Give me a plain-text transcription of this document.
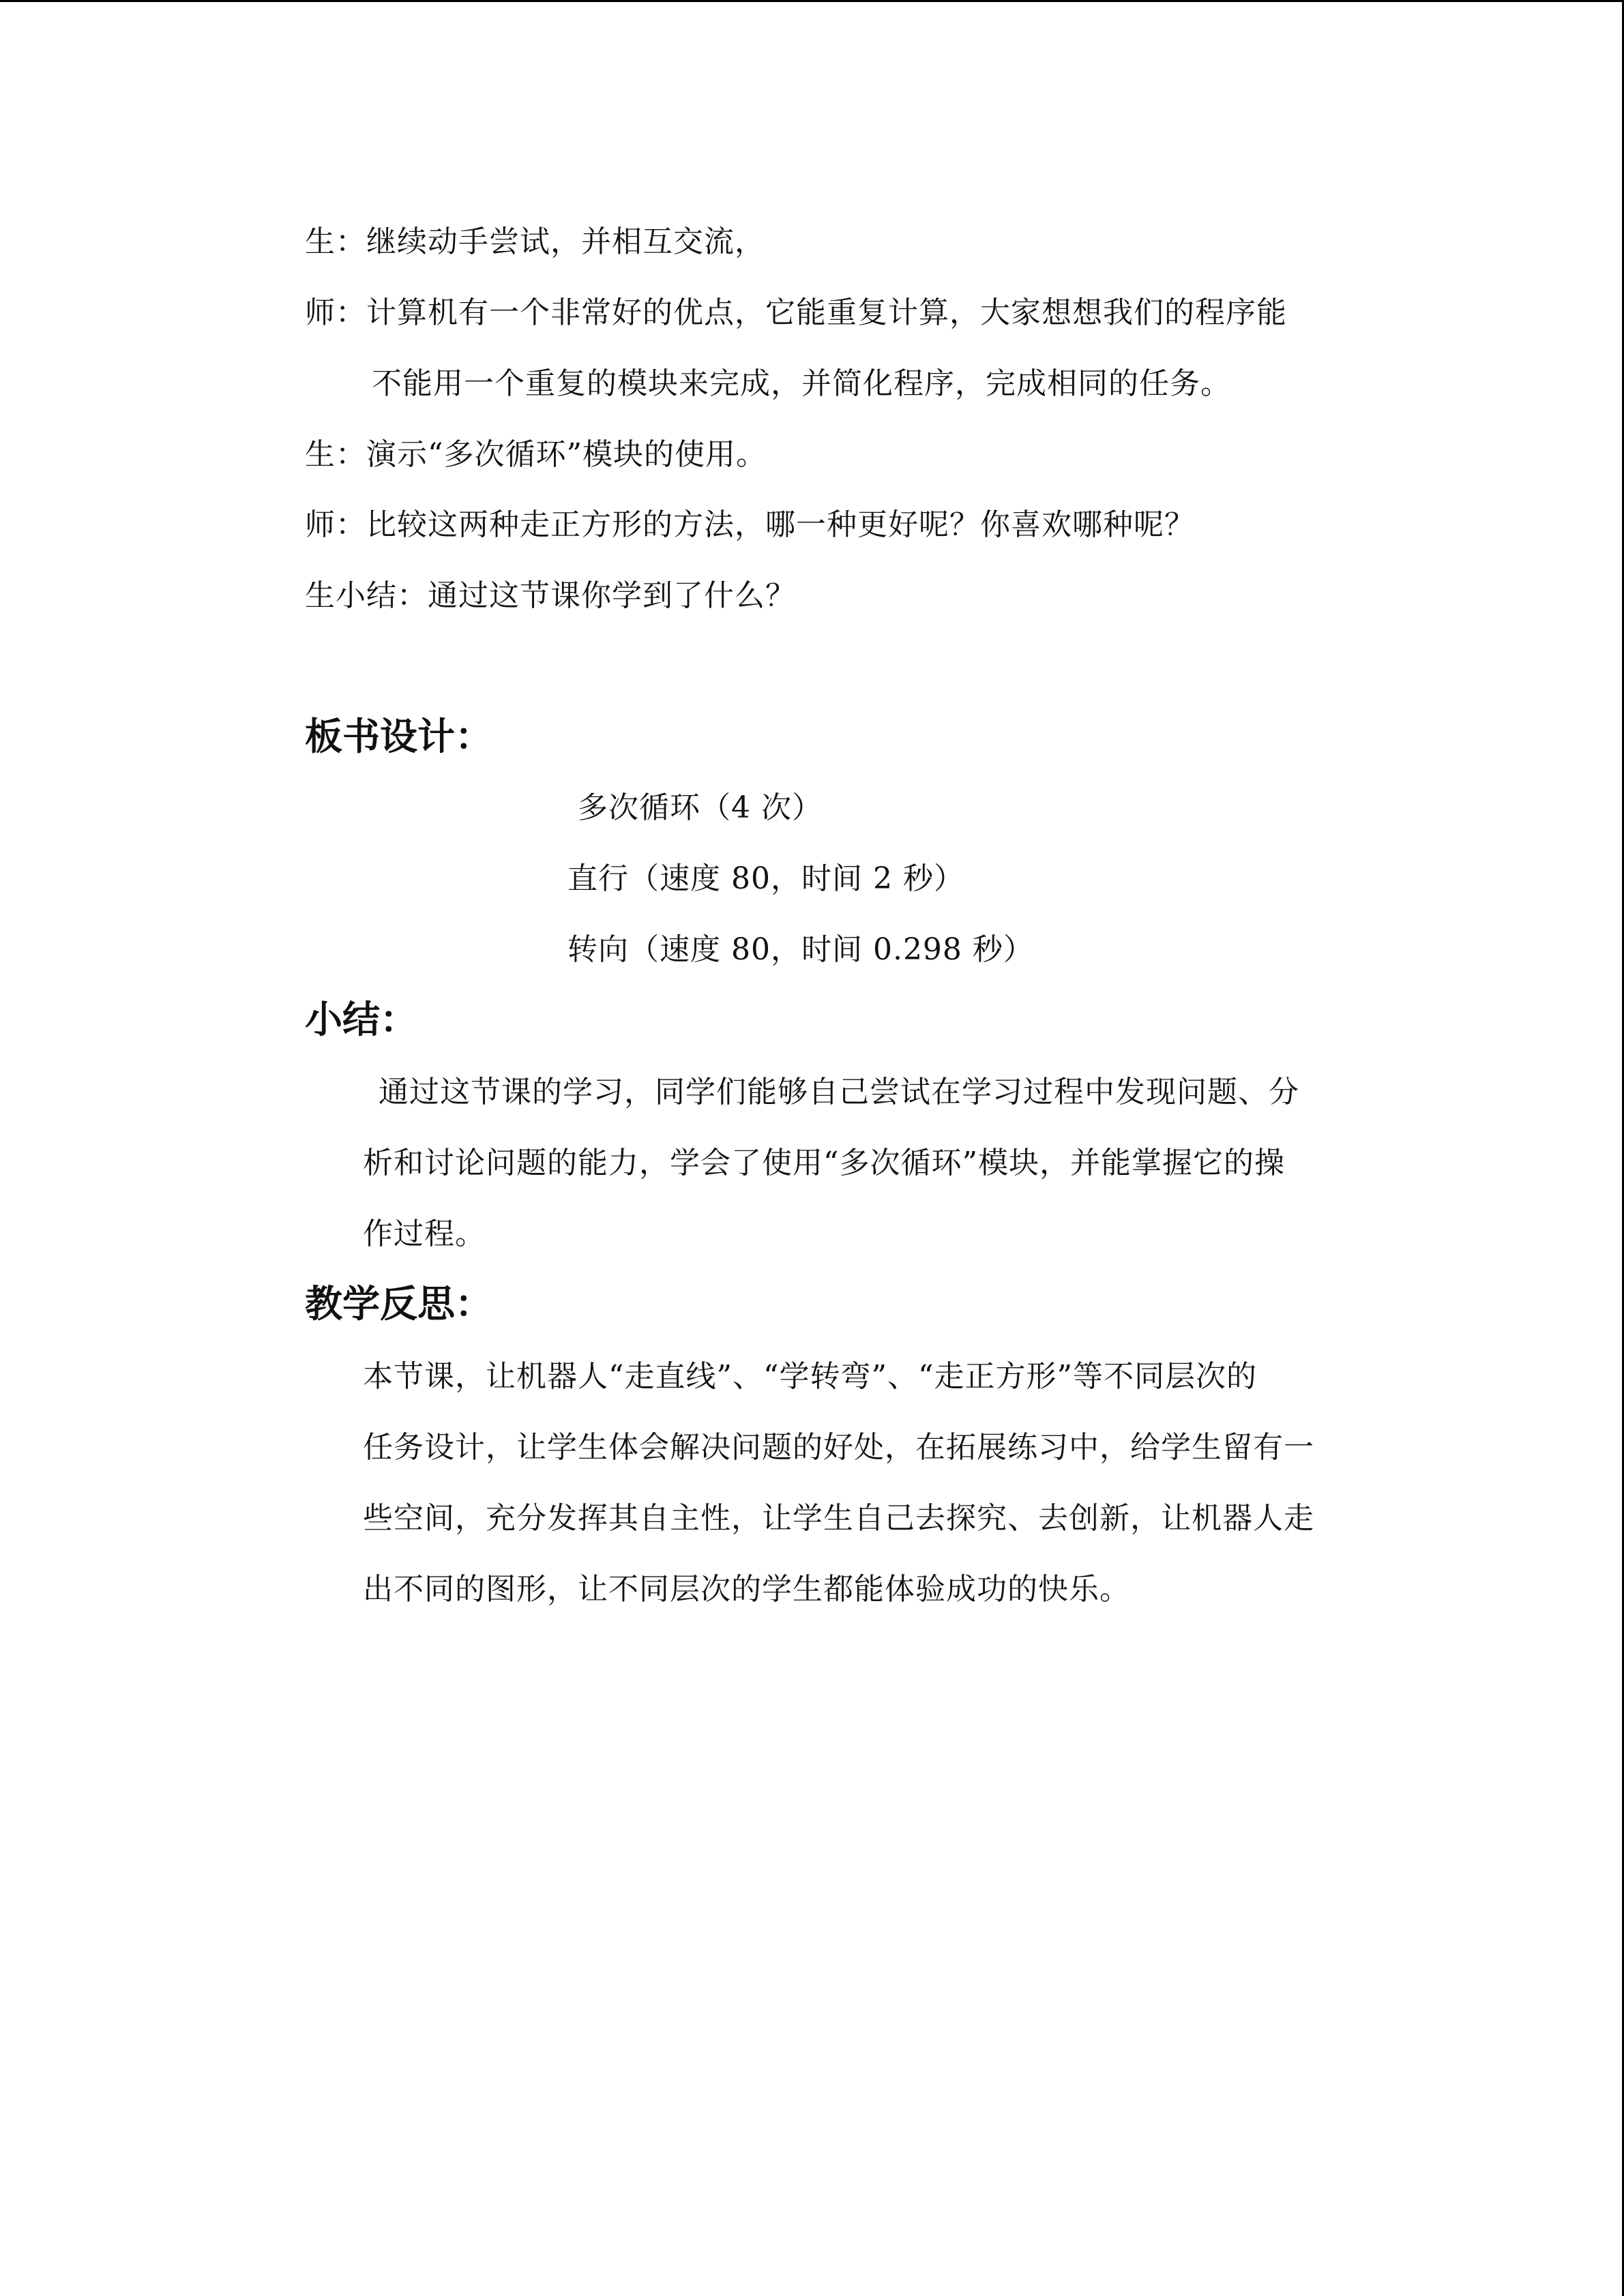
生：继续动手尝试，并相互交流，
师：计算机有一个非常好的优点，它能重复计算，大家想想我们的程序能
不能用一个重复的模块来完成，并简化程序，完成相同的任务。
生：演示“多次循环”模块的使用。
师：比较这两种走正方形的方法，哪一种更好呢？你喜欢哪种呢？
生小结：通过这节课你学到了什么？
板书设计：
多次循环（4 次）
直行（速度 80，时间 2 秒）
转向（速度 80，时间 0.298 秒）
小结：
通过这节课的学习，同学们能够自己尝试在学习过程中发现问题、分
析和讨论问题的能力，学会了使用“多次循环”模块，并能掌握它的操
作过程。
教学反思：
本节课，让机器人“走直线”、“学转弯”、“走正方形”等不同层次的
任务设计，让学生体会解决问题的好处，在拓展练习中，给学生留有一
些空间，充分发挥其自主性，让学生自己去探究、去创新，让机器人走
出不同的图形，让不同层次的学生都能体验成功的快乐。
